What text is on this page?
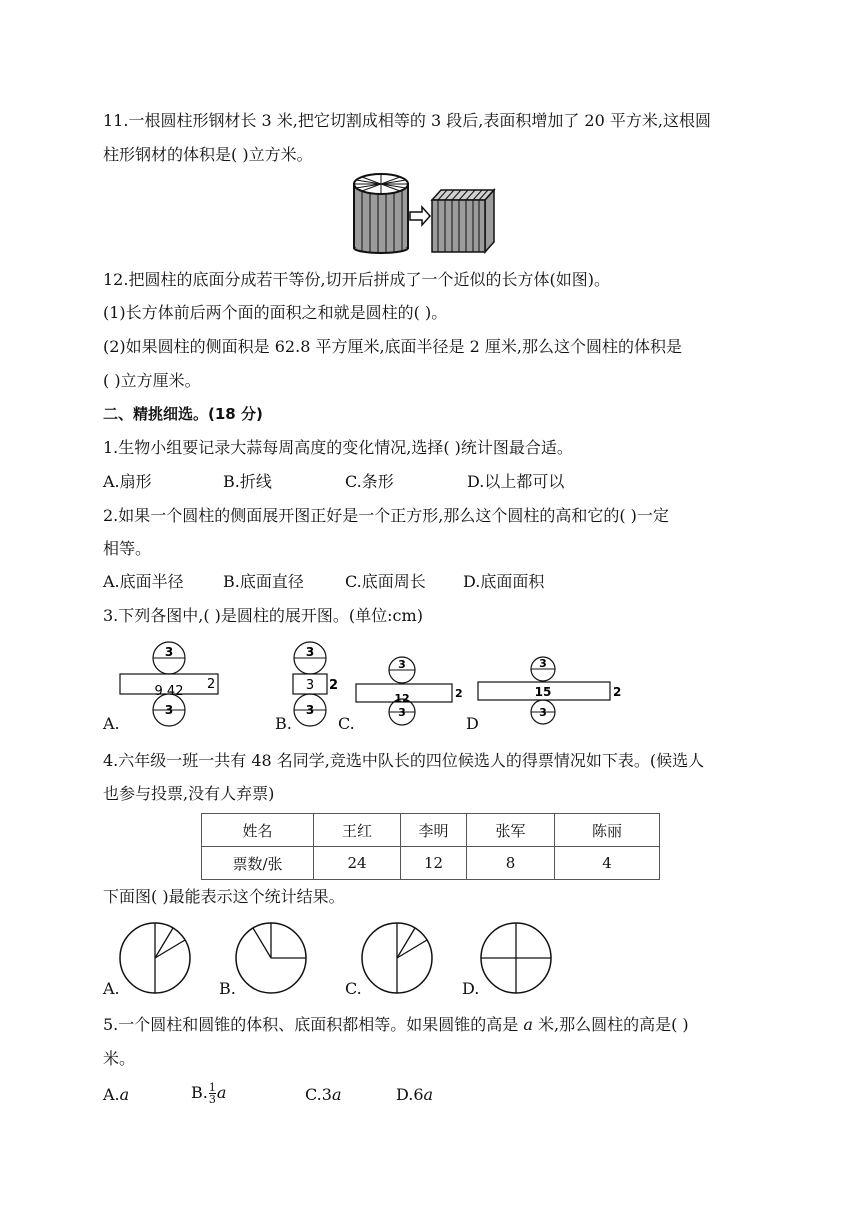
11.一根圆柱形钢材长 3 米,把它切割成相等的 3 段后,表面积增加了 20 平方米,这根圆
柱形钢材的体积是( )立方米。
12.把圆柱的底面分成若干等份,切开后拼成了一个近似的长方体(如图)。
(1)长方体前后两个面的面积之和就是圆柱的( )。
(2)如果圆柱的侧面积是 62.8 平方厘米,底面半径是 2 厘米,那么这个圆柱的体积是
( )立方厘米。
二、精挑细选。(18 分)
1.生物小组要记录大蒜每周高度的变化情况,选择( )统计图最合适。
A.扇形	B.折线	C.条形	D.以上都可以
2.如果一个圆柱的侧面展开图正好是一个正方形,那么这个圆柱的高和它的( )一定
相等。
A.底面半径 B.底面直径	C.底面周长 D.底面面积
3.下列各图中,( )是圆柱的展开图。(单位:cm)
3
9.42 2
3
A.
3
3 2
3
B.
3
12	2
3
C.
3
15	2
3
D
4.六年级一班一共有 48 名同学,竞选中队长的四位候选人的得票情况如下表。(候选人
也参与投票,没有人弃票)
姓名	王红	李明	张军	陈丽
票数/张	24	12	8	4
下面图( )最能表示这个统计结果。
A.	B.	C.	D.
5.一个圆柱和圆锥的体积、底面积都相等。如果圆锥的高是 a 米,那么圆柱的高是( )
米。
A.a	B. $\frac{1}{3}$ a	C.3a	D.6a
